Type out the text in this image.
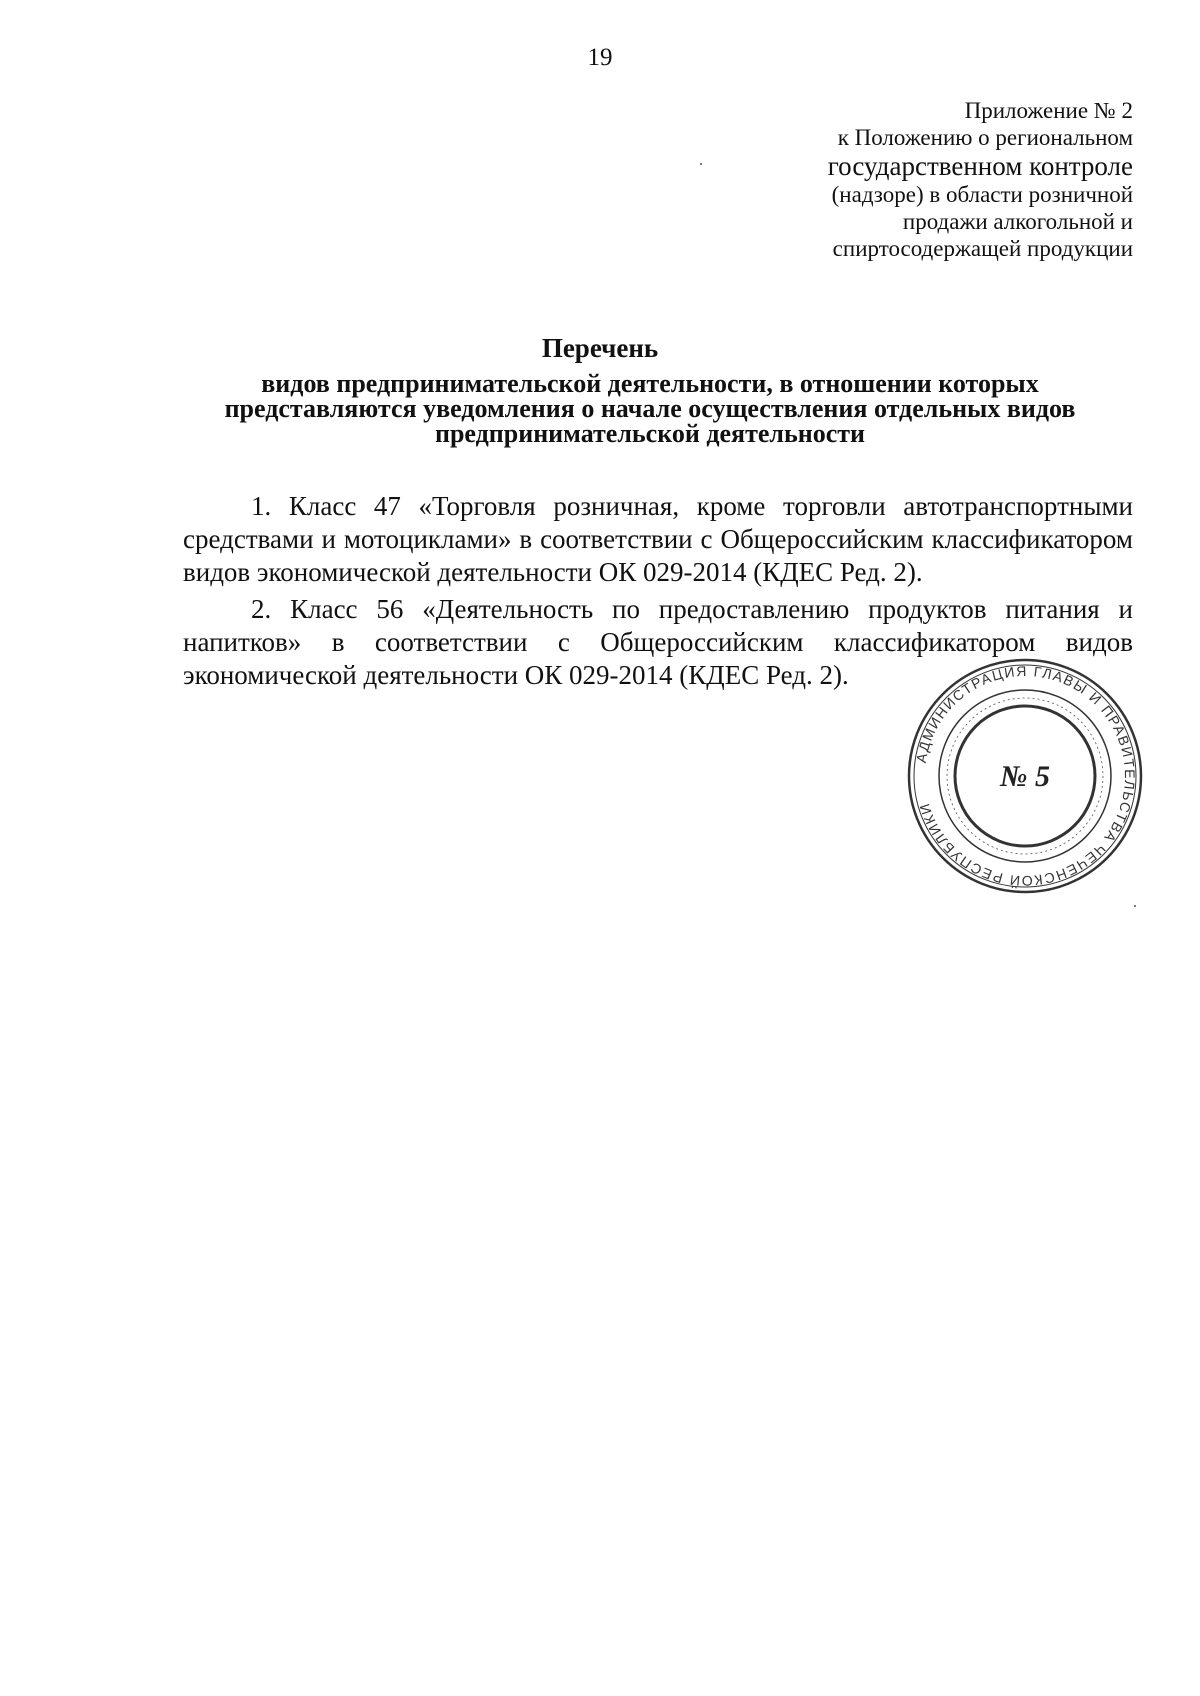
19
Приложение № 2
к Положению о региональном
государственном контроле
(надзоре) в области розничной
продажи алкогольной и
спиртосодержащей продукции
Перечень
видов предпринимательской деятельности, в отношении которых
представляются уведомления о начале осуществления отдельных видов
предпринимательской деятельности

1. Класс 47 «Торговля розничная, кроме торговли автотранспортными средствами и мотоциклами» в соответствии с Общероссийским классификатором видов экономической деятельности ОК 029-2014 (КДЕС Ред. 2).

2. Класс 56 «Деятельность по предоставлению продуктов питания и напитков» в соответствии с Общероссийским классификатором видов экономической деятельности ОК 029-2014 (КДЕС Ред. 2).

АДМИНИСТРАЦИЯ ГЛАВЫ И ПРАВИТЕЛЬСТВА ЧЕЧЕНСКОЙ РЕСПУБЛИКИ
№ 5
